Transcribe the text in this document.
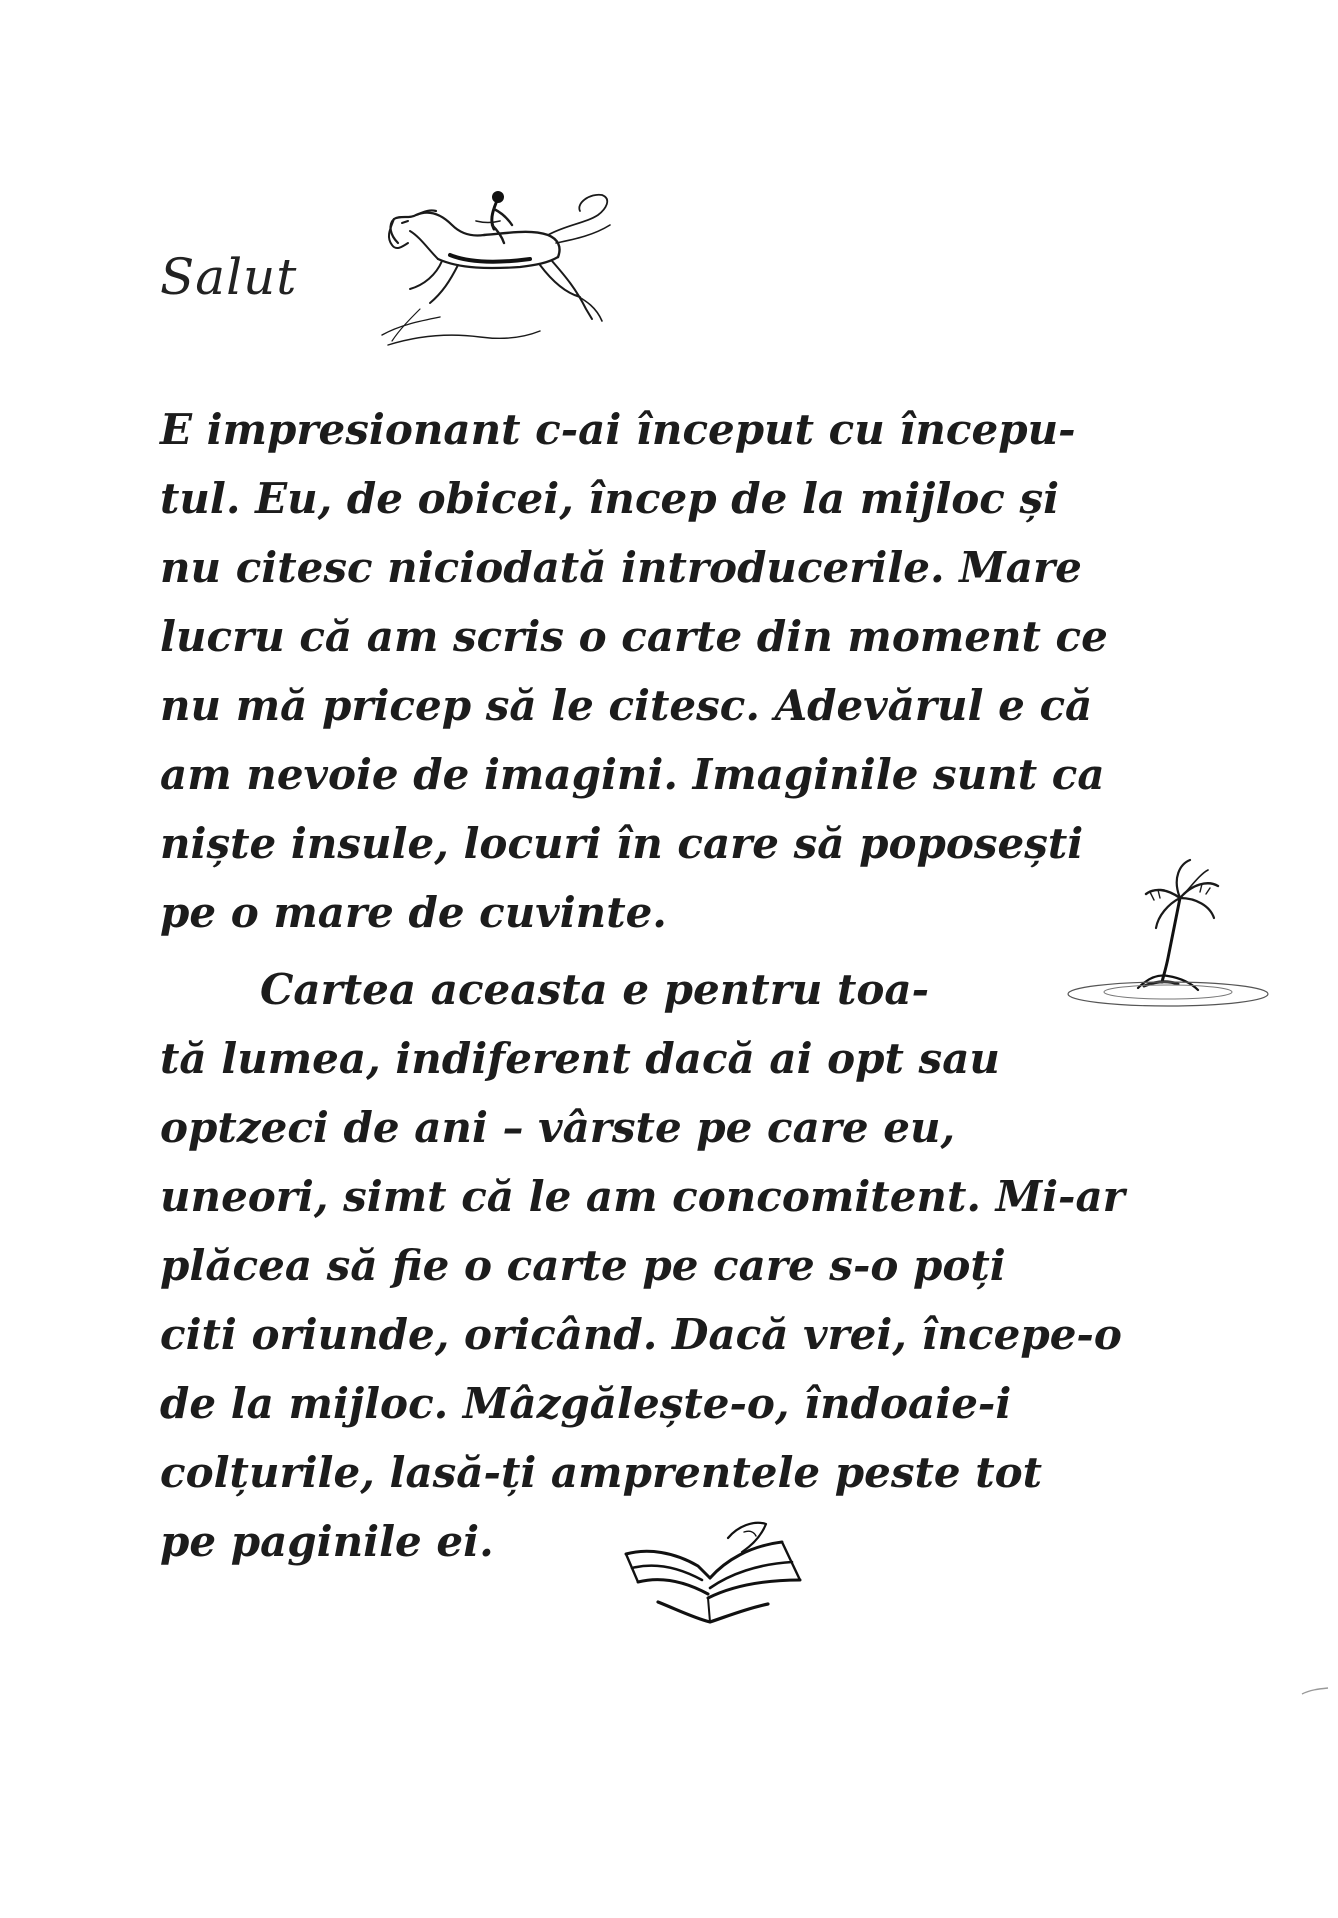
Salut
E impresionant c-ai început cu începu-
tul. Eu, de obicei, încep de la mijloc și
nu citesc niciodată introducerile. Mare
lucru că am scris o carte din moment ce
nu mă pricep să le citesc. Adevărul e că
am nevoie de imagini. Imaginile sunt ca
niște insule, locuri în care să poposești
pe o mare de cuvinte.
Cartea aceasta e pentru toa-
tă lumea, indiferent dacă ai opt sau
optzeci de ani – vârste pe care eu,
uneori, simt că le am concomitent. Mi-ar
plăcea să fie o carte pe care s-o poți
citi oriunde, oricând. Dacă vrei, începe-o
de la mijloc. Mâzgălește-o, îndoaie-i
colțurile, lasă-ți amprentele peste tot
pe paginile ei.
